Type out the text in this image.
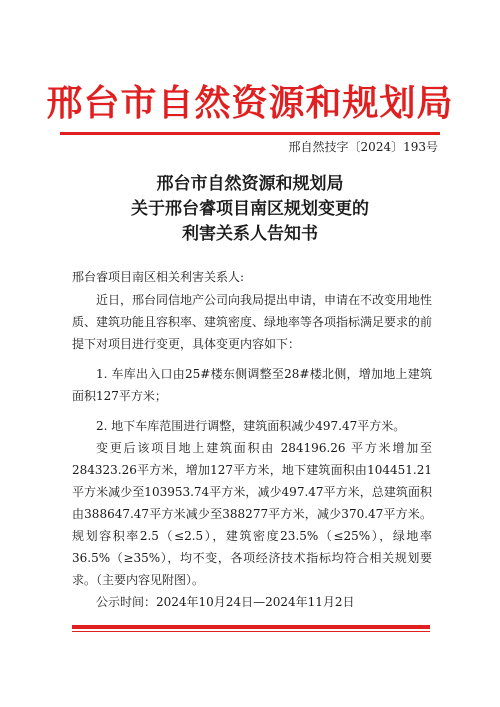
邢台市自然资源和规划局
邢自然技字〔2024〕193号
邢台市自然资源和规划局
关于邢台睿项目南区规划变更的
利害关系人告知书
邢台睿项目南区相关利害关系人:

近日，邢台同信地产公司向我局提出申请，申请在不改变用地性质、建筑功能且容积率、建筑密度、绿地率等各项指标满足要求的前提下对项目进行变更，具体变更内容如下：

1. 车库出入口由25#楼东侧调整至28#楼北侧，增加地上建筑面积127平方米；

2. 地下车库范围进行调整，建筑面积减少497.47平方米。

变更后该项目地上建筑面积由 284196.26 平方米增加至 284323.26平方米，增加127平方米，地下建筑面积由104451.21平方米减少至103953.74平方米，减少497.47平方米，总建筑面积由388647.47平方米减少至388277平方米，减少370.47平方米。规划容积率2.5（≤2.5），建筑密度23.5%（≤25%），绿地率36.5%（≥35%），均不变，各项经济技术指标均符合相关规划要求。（主要内容见附图）。

公示时间：2024年10月24日—2024年11月2日
